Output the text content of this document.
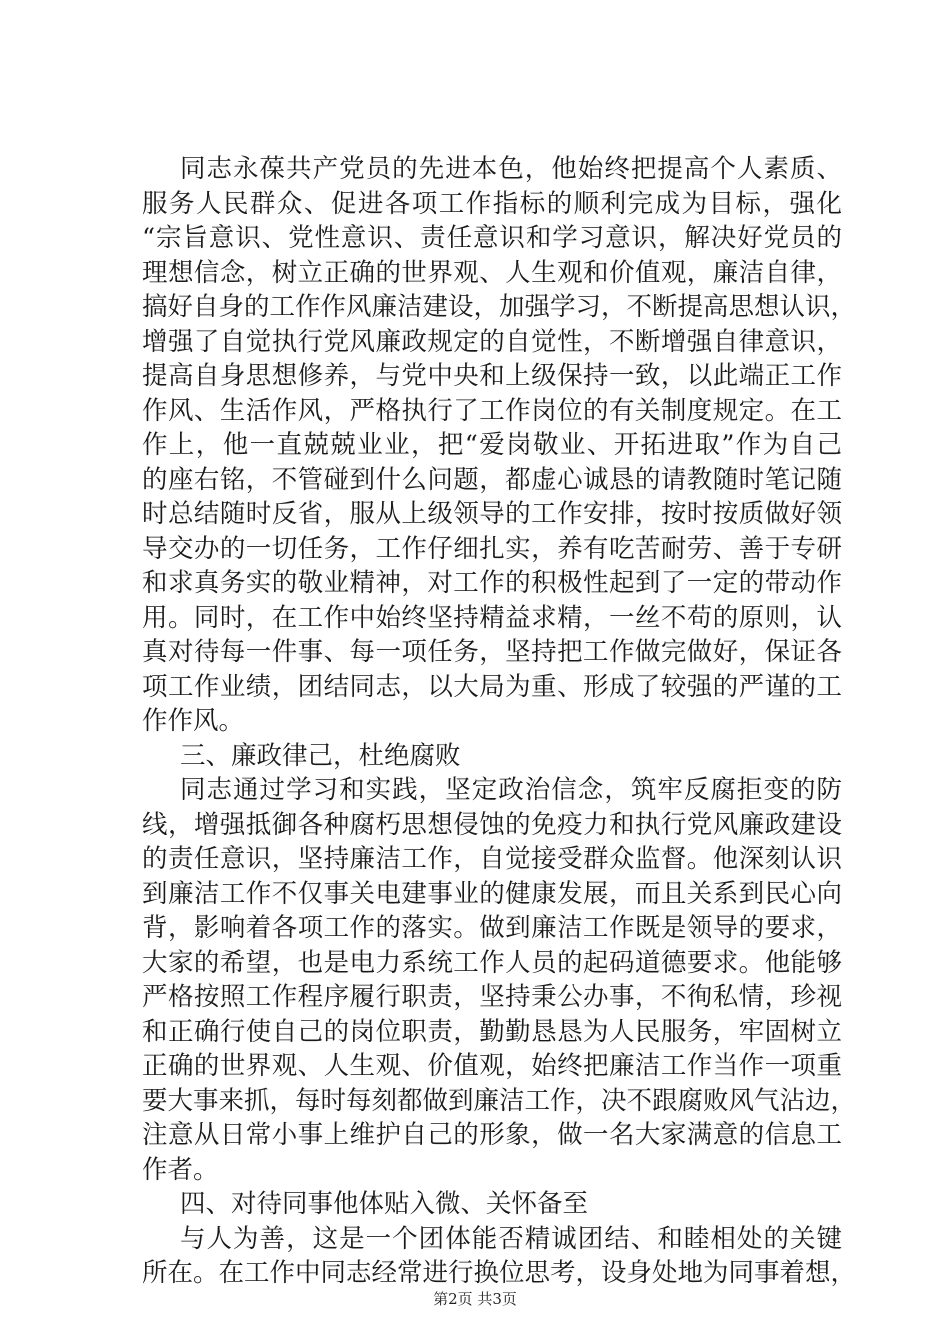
同志永葆共产党员的先进本色，他始终把提高个人素质、
服务人民群众、促进各项工作指标的顺利完成为目标，强化
“宗旨意识、党性意识、责任意识和学习意识，解决好党员的
理想信念，树立正确的世界观、人生观和价值观，廉洁自律，
搞好自身的工作作风廉洁建设，加强学习，不断提高思想认识，
增强了自觉执行党风廉政规定的自觉性，不断增强自律意识，
提高自身思想修养，与党中央和上级保持一致，以此端正工作
作风、生活作风，严格执行了工作岗位的有关制度规定。在工
作上，他一直兢兢业业，把“爱岗敬业、开拓进取”作为自己
的座右铭，不管碰到什么问题，都虚心诚恳的请教随时笔记随
时总结随时反省，服从上级领导的工作安排，按时按质做好领
导交办的一切任务，工作仔细扎实，养有吃苦耐劳、善于专研
和求真务实的敬业精神，对工作的积极性起到了一定的带动作
用。同时，在工作中始终坚持精益求精，一丝不苟的原则，认
真对待每一件事、每一项任务，坚持把工作做完做好，保证各
项工作业绩，团结同志，以大局为重、形成了较强的严谨的工
作作风。
三、廉政律己，杜绝腐败
同志通过学习和实践，坚定政治信念，筑牢反腐拒变的防
线，增强抵御各种腐朽思想侵蚀的免疫力和执行党风廉政建设
的责任意识，坚持廉洁工作，自觉接受群众监督。他深刻认识
到廉洁工作不仅事关电建事业的健康发展，而且关系到民心向
背，影响着各项工作的落实。做到廉洁工作既是领导的要求，
大家的希望，也是电力系统工作人员的起码道德要求。他能够
严格按照工作程序履行职责，坚持秉公办事，不徇私情，珍视
和正确行使自己的岗位职责，勤勤恳恳为人民服务，牢固树立
正确的世界观、人生观、价值观，始终把廉洁工作当作一项重
要大事来抓，每时每刻都做到廉洁工作，决不跟腐败风气沾边，
注意从日常小事上维护自己的形象，做一名大家满意的信息工
作者。
四、对待同事他体贴入微、关怀备至
与人为善，这是一个团体能否精诚团结、和睦相处的关键
所在。在工作中同志经常进行换位思考，设身处地为同事着想，
第2页 共3页
